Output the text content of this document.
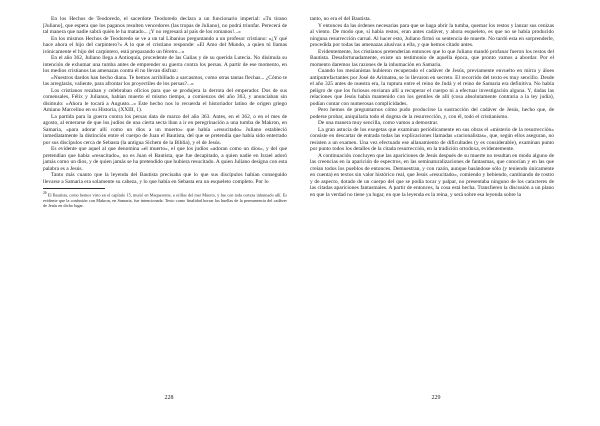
En los Hechos de Teodoredo, el sacerdote Teodoredo declara a un funcionario imperial: «Tu tirano [Juliano], que espera que los paganos resulten vencedores (las tropas de Juliano), no podrá triunfar. Perecerá de tal manera que nadie sabrá quién le ha matado... ¡Y no regresará al país de los romanos!...»

En los mismos Hechos de Teodoredo se ve a un tal Libanius preguntando a un profesor cristiano: «¿Y qué hace ahora el hijo del carpintero?» A lo que el cristiano responde: «El Amo del Mundo, a quien tú llamas irónicamente el hijo del carpintero, está preparando un féretro...»

En el año 362, Juliano llega a Antioquía, procedente de las Galias y de su querida Lutecia. No disimula su intención de exhumar una tumba antes de emprender su guerra contra los persas. A partir de ese momento, en los medios cristianos las amenazas contra él no llevan disfraz:

«Nuestros dardos han hecho diana. Te hemos acribillado a sarcasmos, como otras tantas flechas... ¿Cómo te las arreglarás, valiente, para afrontar los proyectiles de los persas?...»

Los cristianos rezaban y celebraban oficios para que se produjera la derrota del emperador. Dos de sus comensales, Félix y Julianus, habían muerto el mismo tiempo, a comienzos del año 363, y anunciaban sin disimulo: «Ahora le tocará a Augusto...» Este hecho nos lo recuerda el historiador latino de origen griego Amiano Marcelino en su Historia, (XXIII, 1).

La partida para la guerra contra los persas data de marzo del año 363. Antes, en el 362, o en el mes de agosto, al enterarse de que los judíos de una cierta secta iban a ir en peregrinación a una tumba de Makron, en Samaria, «para adorar allí como un dios a un muerto» que había «resucitado» Juliano estableció inmediatamente la distinción entre el cuerpo de Juan el Bautista, del que se pretendía que había sido enterrado por sus discípulos cerca de Sebasta (la antigua Sichem de la Biblia), y el de Jesús.

Es evidente que aquel al que denomina «el muerto», el que los judíos «adoran como un dios», y del que pretendían que había «resucitado», no es Juan el Bautista, que fue decapitado, a quien nadie en Israel adoró jamás como un dios, y de quien jamás se ha pretendido que hubiera resucitado. A quien Juliano designa con esta palabra es a Jesús.

Tanto más cuanto que la leyenda del Bautista precisaba que lo que sus discípulos habían conseguido llevarse a Samaria era solamente su cabeza, y lo que había en Sebasta era un esqueleto completo. Por lo

$^{26}$ El Bautista, como hemos visto en el capítulo 15, murió en Maqueronte, a orillas del mar Muerto, y fue con toda certeza inhumado allí. Es evidente que la confusión con Makron, en Samaria, fue intencionada. Texto como finalidad borrar las huellas de la permanencia del cadáver de Jesús en dicho lugar.
228

tanto, no era el del Bautista.

Y entonces da las órdenes necesarias para que se haga abrir la tumba, quemar los restos y lanzar sus cenizas al viento. De modo que, si había restos, eran antes cadáver, y ahora esqueleto, es que no se había producido ninguna resurrección carnal. Al hacer esto, Juliano firmó su sentencia de muerte. No tardó esta en sorprenderle, procedida por todas las amenazas alusivas a ella, y que hemos citado antes.

Evidentemente, los cristianos pretenderían entonces que lo que Juliano mandó profanar fueron los restos del Bautista. Desafortunadamente, existe un testimonio de aquella época, que pronto vamos a abordar. Por el momento daremos las razones de la inhumación en Samaria.

Cuando los mesianistas hubieron recuperado el cadáver de Jesús, previamente envuelto en mirra y áloes antiputrefactantes por José de Arimatea, se lo llevaron en secreto. El recorrido del texto es muy sencillo. Desde el año 325 antes de nuestra era, la ruptura entre el reino de Judá y el reino de Samaria era definitiva. No había peligro de que los furiosos enviaran allí a recuperar el cuerpo ni a efectuar investigación alguna. Y, dadas las relaciones que Jesús había mantenido con los gentiles de allí (cosa absolutamente contraria a la ley judía), podían contar con numerosas complicidades.

Pero hemos de preguntarnos cómo pudo producirse la sustracción del cadáver de Jesús, hecho que, de poderse probar, aniquilaría todo el dogma de la resurrección, y, con él, todo el cristianismo.

De una manera muy sencilla, como vamos a demostrar.

La gran astucia de los exegetas que examinan periódicamente en sus obras el «misterio de la resurrección» consiste en descartar de entrada todas las explicaciones llamadas «racionalistas», que, según ellos aseguran, no resisten a un examen. Una vez efectuado ese allanamiento de dificultades (y es considerable), examinan punto por punto todos los detalles de la citada resurrección, en la tradición ortodoxa, evidentemente.

A continuación concluyen que las apariciones de Jesús después de su muerte no resultan en modo alguno de las creencias en la aparición de espectros, en las seminaturalizaciones de fantasmas, que conocían y en las que creían todos los pueblos de entonces. Demuestran, y con razón, aunque basándose sólo (y teniendo únicamente en cuenta) en textos sin valor histórico real, que Jesús «resucitado», comiendo y bebiendo, cambiando de rostro y de aspecto, dotado de un cuerpo del que se podía tocar y palpar, no presentaba ninguno de los caracteres de las citadas apariciones fantasmales. A partir de entonces, la cosa está hecha. Transfieren la discusión a un plano en que la verdad no tiene ya lugar, en que la leyenda es la reina, y será sobre esa leyenda sobre la

229
